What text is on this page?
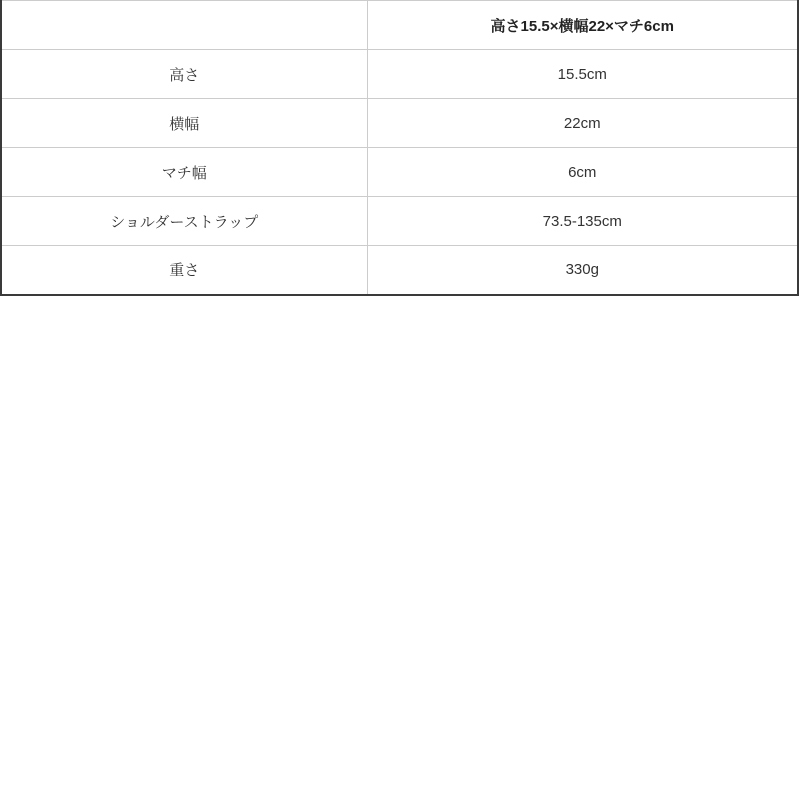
	高さ15.5×横幅22×マチ6cm
高さ	15.5cm
横幅	22cm
マチ幅	6cm
ショルダーストラップ	73.5-135cm
重さ	330g
